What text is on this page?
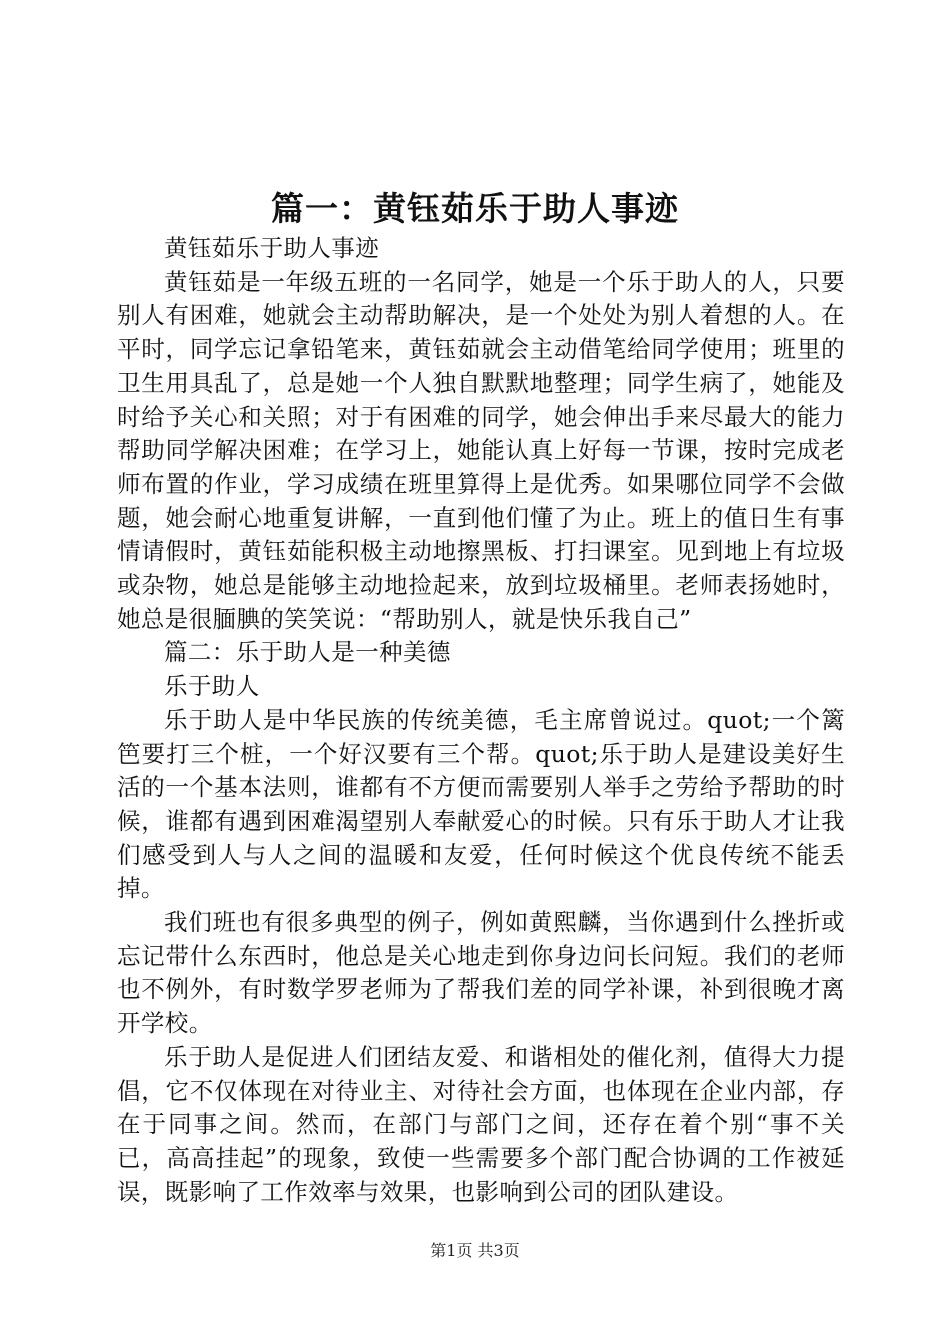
篇一：黄钰茹乐于助人事迹

黄钰茹乐于助人事迹

黄钰茹是一年级五班的一名同学，她是一个乐于助人的人，只要别人有困难，她就会主动帮助解决，是一个处处为别人着想的人。在平时，同学忘记拿铅笔来，黄钰茹就会主动借笔给同学使用；班里的卫生用具乱了，总是她一个人独自默默地整理；同学生病了，她能及时给予关心和关照；对于有困难的同学，她会伸出手来尽最大的能力帮助同学解决困难；在学习上，她能认真上好每一节课，按时完成老师布置的作业，学习成绩在班里算得上是优秀。如果哪位同学不会做题，她会耐心地重复讲解，一直到他们懂了为止。班上的值日生有事情请假时，黄钰茹能积极主动地擦黑板、打扫课室。见到地上有垃圾或杂物，她总是能够主动地捡起来，放到垃圾桶里。老师表扬她时，她总是很腼腆的笑笑说：“帮助别人，就是快乐我自己”

篇二：乐于助人是一种美德

乐于助人

乐于助人是中华民族的传统美德，毛主席曾说过。quot;一个篱笆要打三个桩，一个好汉要有三个帮。quot;乐于助人是建设美好生活的一个基本法则，谁都有不方便而需要别人举手之劳给予帮助的时候，谁都有遇到困难渴望别人奉献爱心的时候。只有乐于助人才让我们感受到人与人之间的温暖和友爱，任何时候这个优良传统不能丢掉。

我们班也有很多典型的例子，例如黄熙麟，当你遇到什么挫折或忘记带什么东西时，他总是关心地走到你身边问长问短。我们的老师也不例外，有时数学罗老师为了帮我们差的同学补课，补到很晚才离开学校。

乐于助人是促进人们团结友爱、和谐相处的催化剂，值得大力提倡，它不仅体现在对待业主、对待社会方面，也体现在企业内部，存在于同事之间。然而，在部门与部门之间，还存在着个别“事不关已，高高挂起”的现象，致使一些需要多个部门配合协调的工作被延误，既影响了工作效率与效果，也影响到公司的团队建设。

第1页 共3页
